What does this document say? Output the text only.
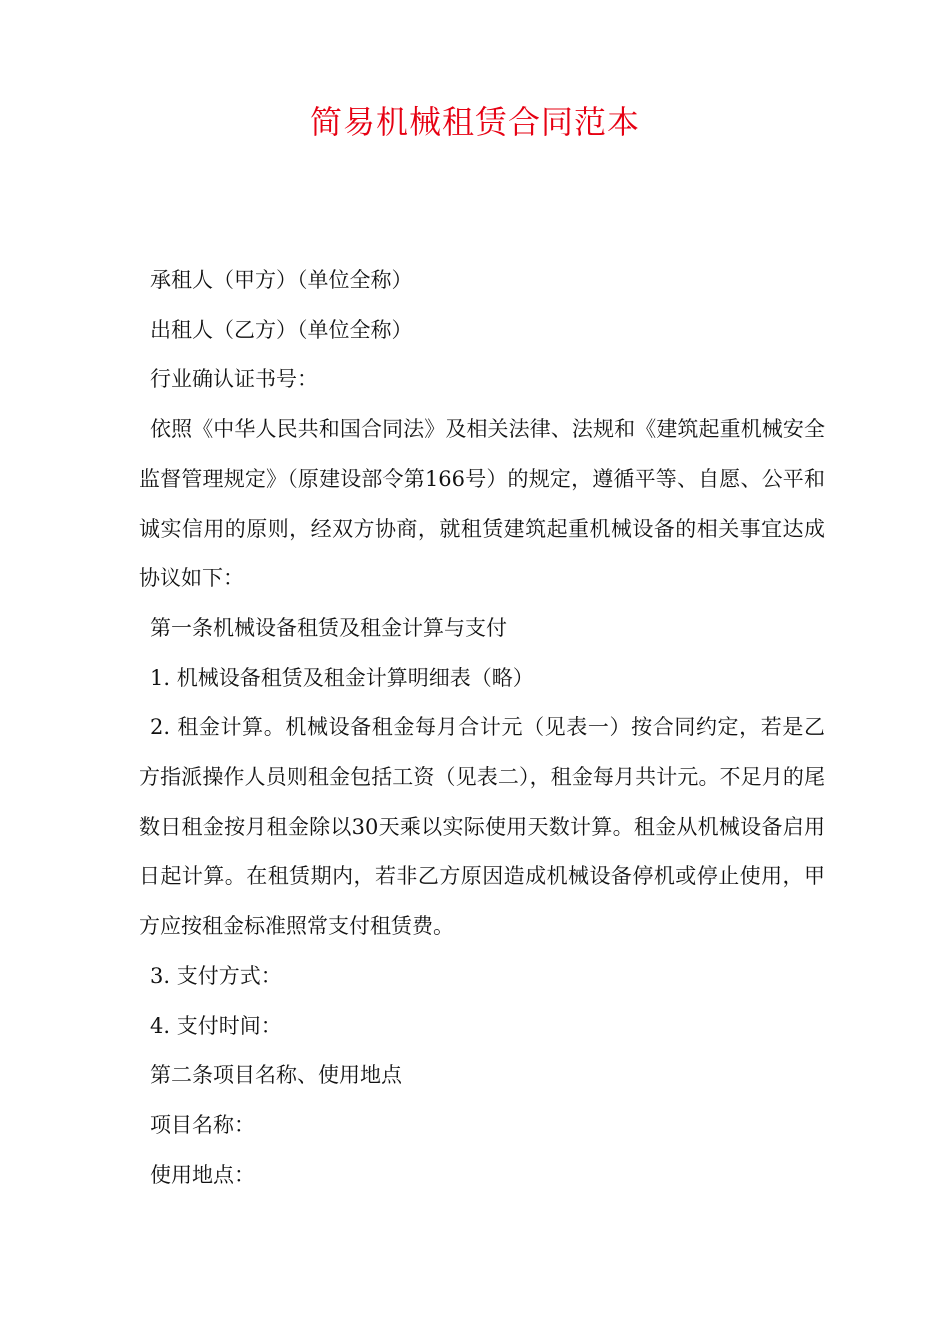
简易机械租赁合同范本

承租人（甲方）（单位全称）

出租人（乙方）（单位全称）

行业确认证书号：

依照《中华人民共和国合同法》及相关法律、法规和《建筑起重机械安全监督管理规定》（原建设部令第166号）的规定，遵循平等、自愿、公平和诚实信用的原则，经双方协商，就租赁建筑起重机械设备的相关事宜达成协议如下：

第一条机械设备租赁及租金计算与支付

1. 机械设备租赁及租金计算明细表（略）

2. 租金计算。机械设备租金每月合计元（见表一）按合同约定，若是乙方指派操作人员则租金包括工资（见表二），租金每月共计元。不足月的尾数日租金按月租金除以30天乘以实际使用天数计算。租金从机械设备启用日起计算。在租赁期内，若非乙方原因造成机械设备停机或停止使用，甲方应按租金标准照常支付租赁费。

3. 支付方式：

4. 支付时间：

第二条项目名称、使用地点

项目名称：

使用地点：
